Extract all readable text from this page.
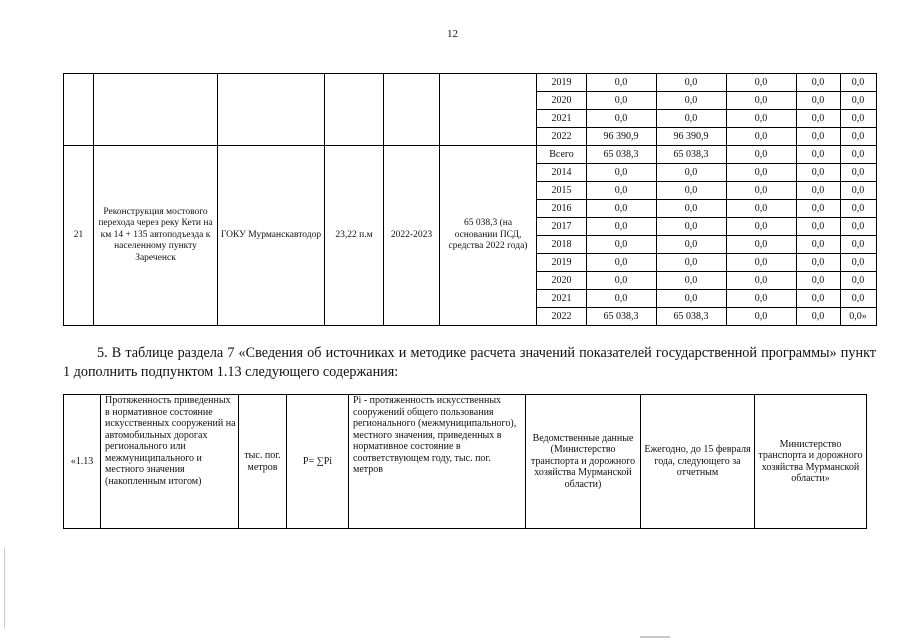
12
						2019	0,0	0,0	0,0	0,0	0,0
						2020	0,0	0,0	0,0	0,0	0,0
						2021	0,0	0,0	0,0	0,0	0,0
						2022	96 390,9	96 390,9	0,0	0,0	0,0
21	Реконструкция мостового перехода через реку Кети на км 14 + 135 автоподъезда к населенному пункту Зареченск	ГОКУ Мурманскавтодор	23,22 п.м	2022-2023	65 038,3 (на основании ПСД, средства 2022 года)	Всего	65 038,3	65 038,3	0,0	0,0	0,0
						2014	0,0	0,0	0,0	0,0	0,0
						2015	0,0	0,0	0,0	0,0	0,0
						2016	0,0	0,0	0,0	0,0	0,0
						2017	0,0	0,0	0,0	0,0	0,0
						2018	0,0	0,0	0,0	0,0	0,0
						2019	0,0	0,0	0,0	0,0	0,0
						2020	0,0	0,0	0,0	0,0	0,0
						2021	0,0	0,0	0,0	0,0	0,0
						2022	65 038,3	65 038,3	0,0	0,0	0,0»

5. В таблице раздела 7 «Сведения об источниках и методике расчета значений показателей государственной программы» пункт 1 дополнить подпунктом 1.13 следующего содержания:

«1.13	Протяженность приведенных в нормативное состояние искусственных сооружений на автомобильных дорогах регионального или межмуниципального и местного значения (накопленным итогом)	тыс. пог. метров	P= ∑Pi	Pi - протяженность искусственных сооружений общего пользования регионального (межмуниципального), местного значения, приведенных в нормативное состояние в соответствующем году, тыс. пог. метров	Ведомственные данные (Министерство транспорта и дорожного хозяйства Мурманской области)	Ежегодно, до 15 февраля года, следующего за отчетным	Министерство транспорта и дорожного хозяйства Мурманской области»
